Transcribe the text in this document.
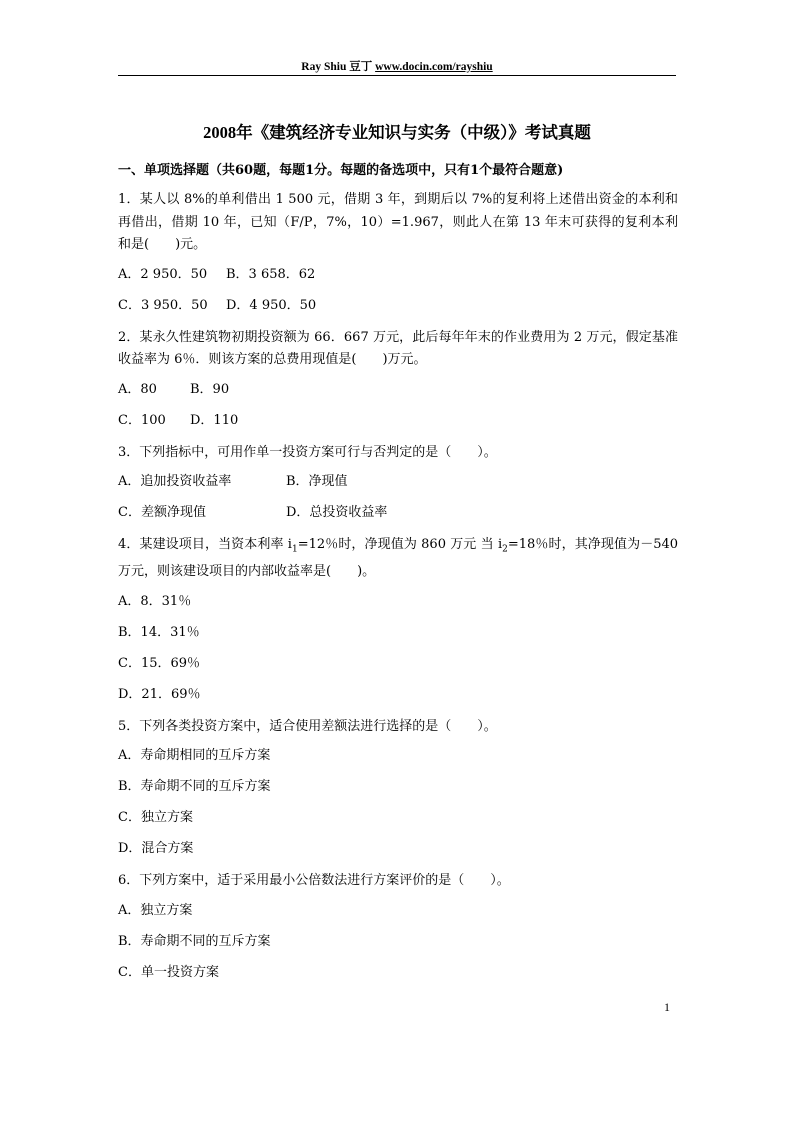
Ray Shiu 豆丁 www.docin.com/rayshiu
2008年《建筑经济专业知识与实务（中级）》考试真题
一、单项选择题（共60题，每题1分。每题的备选项中，只有1个最符合题意)

1．某人以 8%的单利借出 1 500 元，借期 3 年，到期后以 7%的复利将上述借出资金的本利和再借出，借期 10 年，已知（F/P，7%，10）=1.967，则此人在第 13 年末可获得的复利本利和是(　　)元。

A．2 950．50 B．3 658．62
C．3 950．50 D．4 950．50

2．某永久性建筑物初期投资额为 66．667 万元，此后每年年末的作业费用为 2 万元，假定基准收益率为 6％．则该方案的总费用现值是(　　)万元。

A．80	B．90
C．100 D．110

3．下列指标中，可用作单一投资方案可行与否判定的是（　　）。

A．追加投资收益率	B．净现值
C．差额净现值	D．总投资收益率

4．某建设项目，当资本利率 $i_1=12$％时，净现值为 860 万元 当 $i_2=18$％时，其净现值为－540 万元，则该建设项目的内部收益率是(　　)。

A．8．31％
B．14．31％
C．15．69％
D．21．69％

5．下列各类投资方案中，适合使用差额法进行选择的是（　　）。

A．寿命期相同的互斥方案
B．寿命期不同的互斥方案
C．独立方案
D．混合方案

6．下列方案中，适于采用最小公倍数法进行方案评价的是（　　）。

A．独立方案
B．寿命期不同的互斥方案
C．单一投资方案
1
